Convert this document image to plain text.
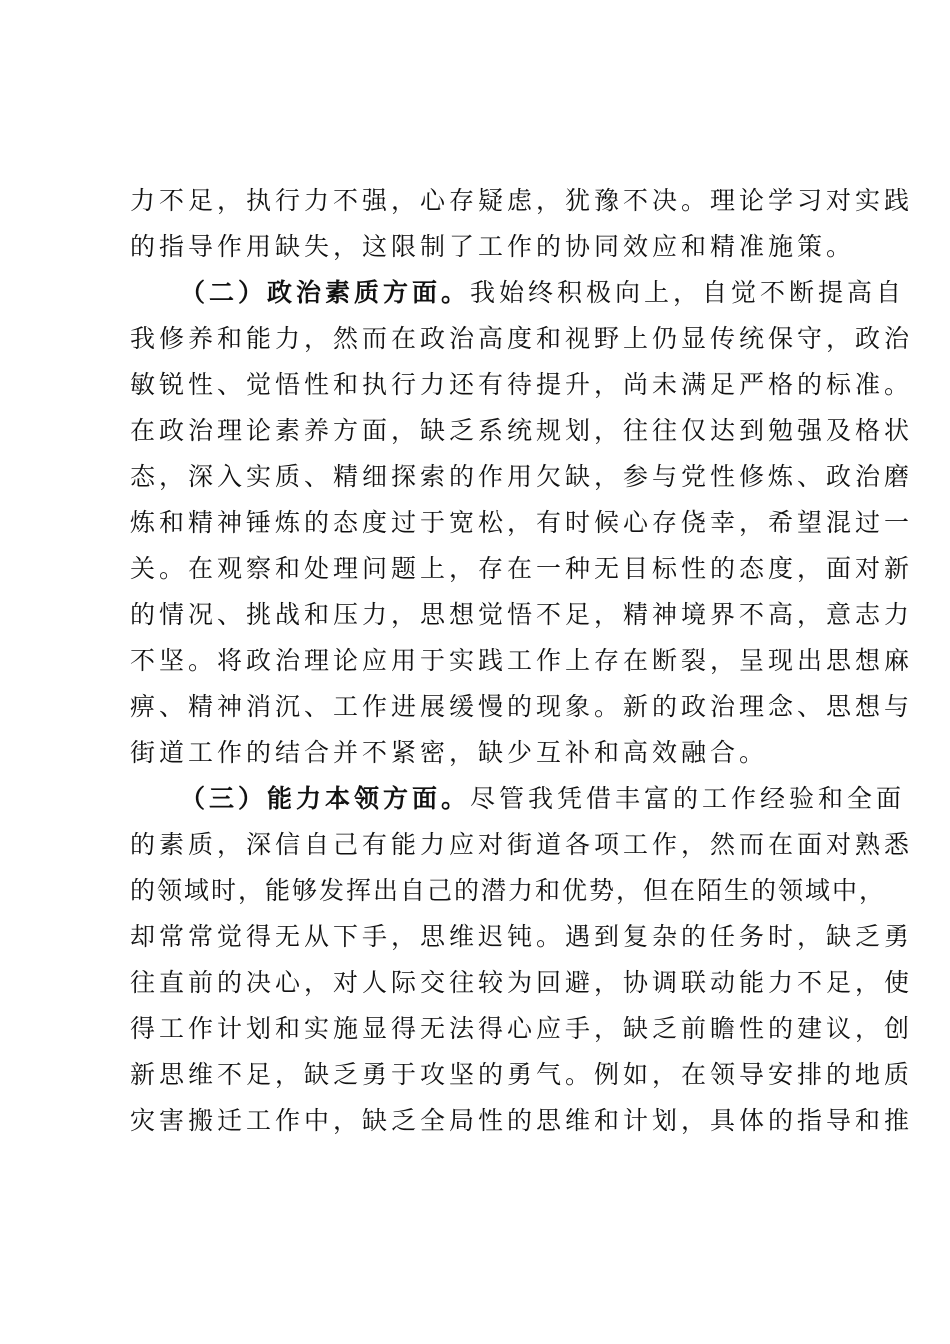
力不足，执行力不强，心存疑虑，犹豫不决。理论学习对实践
的指导作用缺失，这限制了工作的协同效应和精准施策。
（二）政治素质方面。我始终积极向上，自觉不断提高自
我修养和能力，然而在政治高度和视野上仍显传统保守，政治
敏锐性、觉悟性和执行力还有待提升，尚未满足严格的标准。
在政治理论素养方面，缺乏系统规划，往往仅达到勉强及格状
态，深入实质、精细探索的作用欠缺，参与党性修炼、政治磨
炼和精神锤炼的态度过于宽松，有时候心存侥幸，希望混过一
关。在观察和处理问题上，存在一种无目标性的态度，面对新
的情况、挑战和压力，思想觉悟不足，精神境界不高，意志力
不坚。将政治理论应用于实践工作上存在断裂，呈现出思想麻
痹、精神消沉、工作进展缓慢的现象。新的政治理念、思想与
街道工作的结合并不紧密，缺少互补和高效融合。
（三）能力本领方面。尽管我凭借丰富的工作经验和全面
的素质，深信自己有能力应对街道各项工作，然而在面对熟悉
的领域时，能够发挥出自己的潜力和优势，但在陌生的领域中，
却常常觉得无从下手，思维迟钝。遇到复杂的任务时，缺乏勇
往直前的决心，对人际交往较为回避，协调联动能力不足，使
得工作计划和实施显得无法得心应手，缺乏前瞻性的建议，创
新思维不足，缺乏勇于攻坚的勇气。例如，在领导安排的地质
灾害搬迁工作中，缺乏全局性的思维和计划，具体的指导和推
